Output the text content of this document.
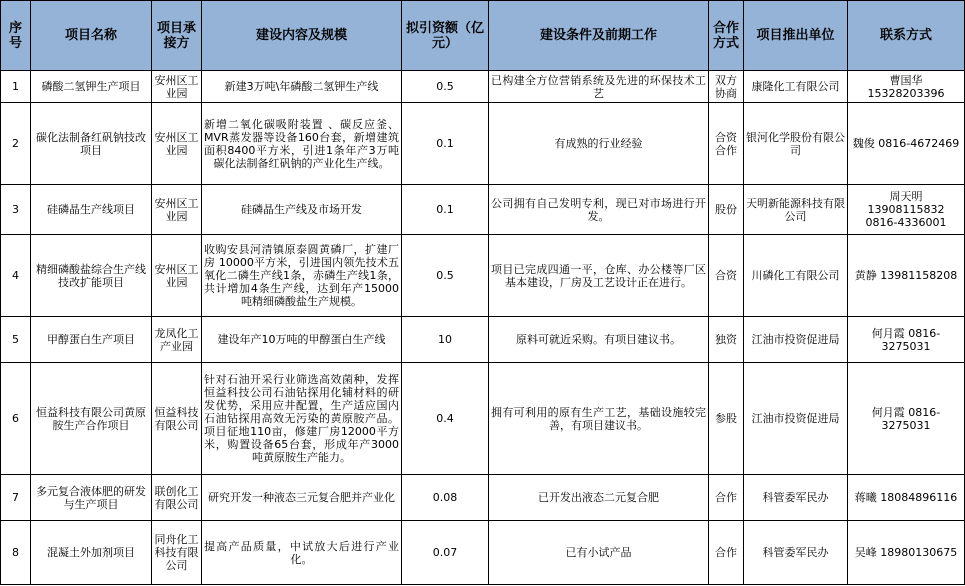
序号	项目名称	项目承接方	建设内容及规模	拟引资额（亿元）	建设条件及前期工作	合作方式	项目推出单位	联系方式
1	磷酸二氢钾生产项目	安州区工业园	新建3万吨\年磷酸二氢钾生产线	0.5	已构建全方位营销系统及先进的环保技术工艺	双方协商	康隆化工有限公司	曹国华 15328203396
2	碳化法制备红矾钠技改项目	安州区工业园	新增二氧化碳吸附装置 、碳反应釜、MVR蒸发器等设备160台套，新增建筑面积8400平方米，引进1条年产3万吨碳化法制备红矾钠的产业化生产线。	0.1	有成熟的行业经验	合资合作	银河化学股份有限公司	魏俊 0816-4672469
3	硅磷晶生产线项目	安州区工业园	硅磷晶生产线及市场开发	0.1	公司拥有自己发明专利，现已对市场进行开发。	股份	天明新能源科技有限公司	周天明 13908115832 0816-4336001
4	精细磷酸盐综合生产线技改扩能项目	安州区工业园	收购安县河清镇原泰圆黄磷厂，扩建厂房 10000平方米，引进国内领先技术五氧化二磷生产线1条，赤磷生产线1条，共计增加4条生产线，达到年产15000吨精细磷酸盐生产规模。	0.5	项目已完成四通一平，仓库、办公楼等厂区基本建设，厂房及工艺设计正在进行。	合资	川磷化工有限公司	黄静 13981158208
5	甲醇蛋白生产项目	龙凤化工产业园	建设年产10万吨的甲醇蛋白生产线	10	原料可就近采购。有项目建议书。	独资	江油市投资促进局	何月霞 0816-3275031
6	恒益科技有限公司黄原胺生产合作项目	恒益科技有限公司	针对石油开采行业筛选高效菌种，发挥恒益科技公司石油钻探用化辅材料的研发优势，采用应井配置，生产适应国内石油钻探用高效无污染的黄原胺产品。项目征地110亩，修建厂房12000平方米，购置设备65台套，形成年产3000吨黄原胺生产能力。	0.4	拥有可利用的原有生产工艺，基础设施较完善，有项目建议书。	参股	江油市投资促进局	何月霞 0816-3275031
7	多元复合液体肥的研发与生产项目	联创化工有限公司	研究开发一种液态三元复合肥并产业化	0.08	已开发出液态二元复合肥	合作	科管委军民办	蒋曦 18084896116
8	混凝土外加剂项目	同舟化工科技有限公司	提高产品质量，中试放大后进行产业化。	0.07	已有小试产品	合作	科管委军民办	吴峰 18980130675
